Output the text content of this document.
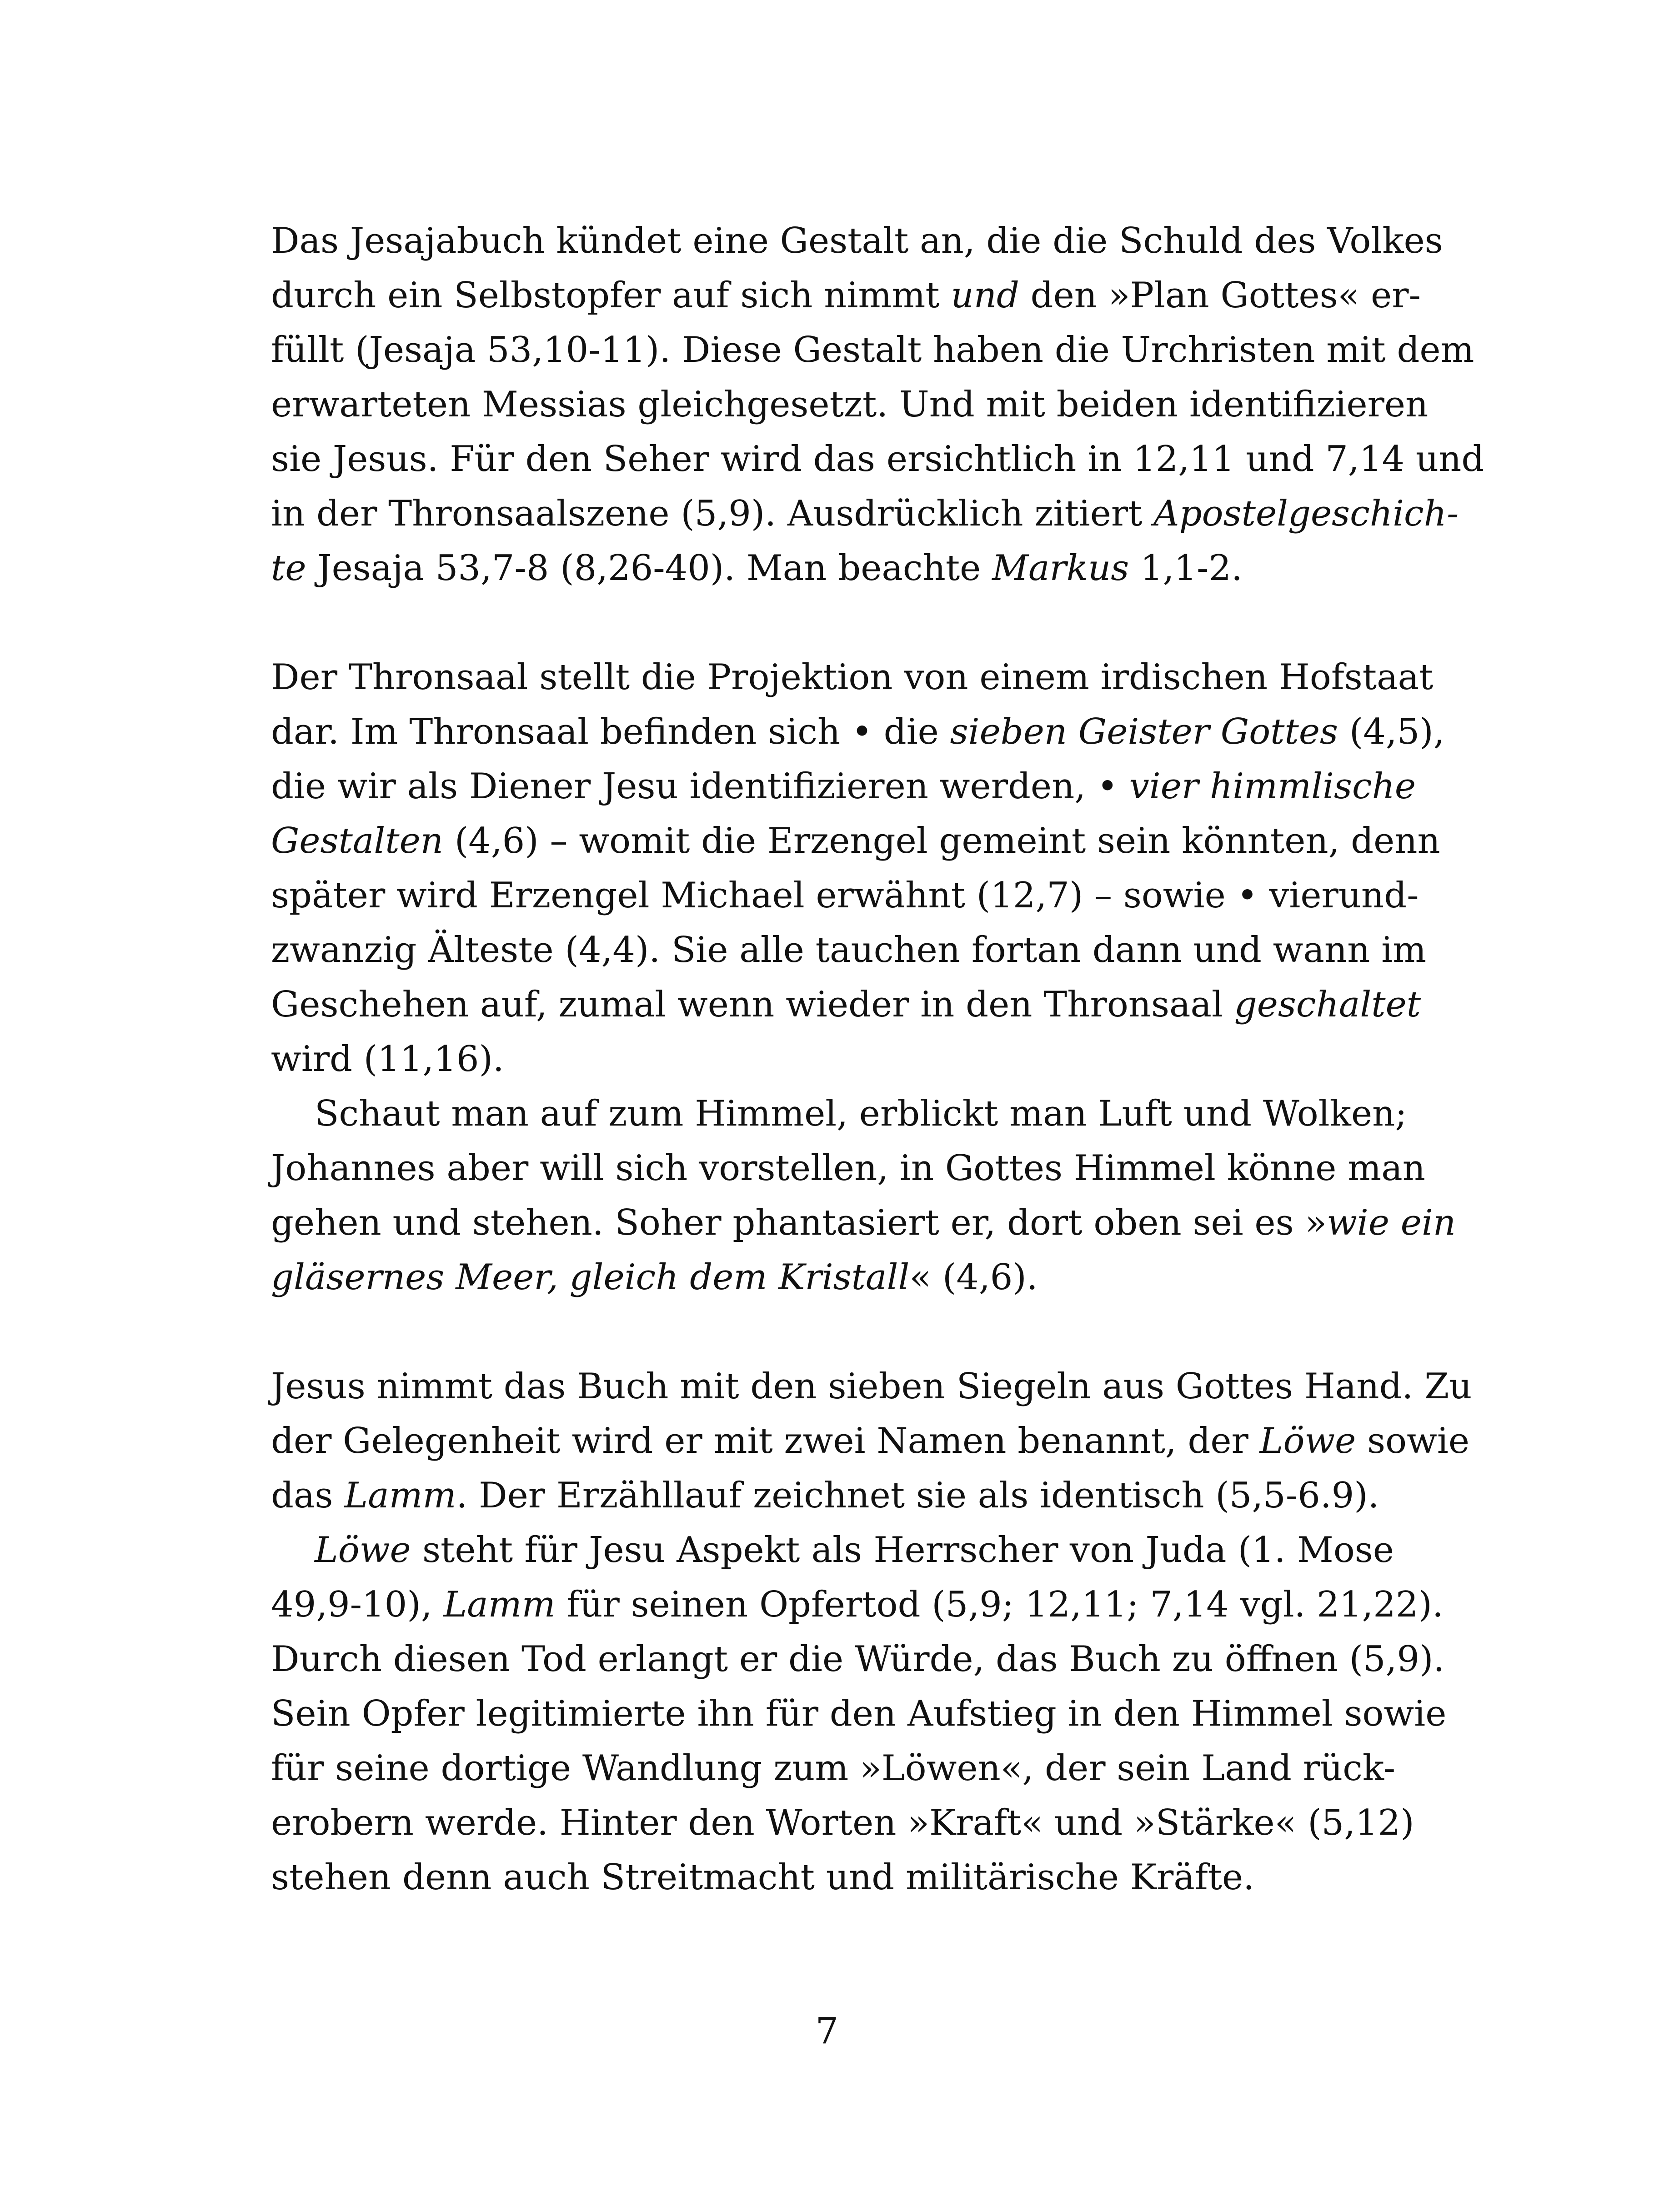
Das Jesajabuch kündet eine Gestalt an, die die Schuld des Volkes
durch ein Selbstopfer auf sich nimmt und den »Plan Gottes« er-
füllt (Jesaja 53,10-11). Diese Gestalt haben die Urchristen mit dem
erwarteten Messias gleichgesetzt. Und mit beiden identifizieren
sie Jesus. Für den Seher wird das ersichtlich in 12,11 und 7,14 und
in der Thronsaalszene (5,9). Ausdrücklich zitiert Apostelgeschich-
te Jesaja 53,7-8 (8,26-40). Man beachte Markus 1,1-2.
Der Thronsaal stellt die Projektion von einem irdischen Hofstaat
dar. Im Thronsaal befinden sich • die sieben Geister Gottes (4,5),
die wir als Diener Jesu identifizieren werden, • vier himmlische
Gestalten (4,6) – womit die Erzengel gemeint sein könnten, denn
später wird Erzengel Michael erwähnt (12,7) – sowie • vierund-
zwanzig Älteste (4,4). Sie alle tauchen fortan dann und wann im
Geschehen auf, zumal wenn wieder in den Thronsaal geschaltet
wird (11,16).
Schaut man auf zum Himmel, erblickt man Luft und Wolken;
Johannes aber will sich vorstellen, in Gottes Himmel könne man
gehen und stehen. Soher phantasiert er, dort oben sei es »wie ein
gläsernes Meer, gleich dem Kristall« (4,6).
Jesus nimmt das Buch mit den sieben Siegeln aus Gottes Hand. Zu
der Gelegenheit wird er mit zwei Namen benannt, der Löwe sowie
das Lamm. Der Erzähllauf zeichnet sie als identisch (5,5-6.9).
Löwe steht für Jesu Aspekt als Herrscher von Juda (1. Mose
49,9-10), Lamm für seinen Opfertod (5,9; 12,11; 7,14 vgl. 21,22).
Durch diesen Tod erlangt er die Würde, das Buch zu öffnen (5,9).
Sein Opfer legitimierte ihn für den Aufstieg in den Himmel sowie
für seine dortige Wandlung zum »Löwen«, der sein Land rück-
erobern werde. Hinter den Worten »Kraft« und »Stärke« (5,12)
stehen denn auch Streitmacht und militärische Kräfte.
7
